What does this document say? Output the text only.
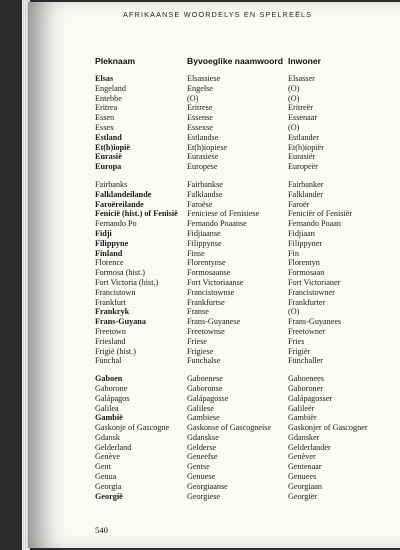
AFRIKAANSE WOORDELYS EN SPELREËLS
Pleknaam
Elsas
Engeland
Entebbe
Eritrea
Essen
Essex
Estland
Et(h)iopië
Eurasië
Europa
Fairbanks
Falklandeilande
Faroëreilande
Fenicië (hist.) of Fenisië
Fernando Po
Fidji
Filippyne
Finland
Florence
Formosa (hist.)
Fort Victoria (hist.)
Francistown
Frankfurt
Frankryk
Frans-Guyana
Freetown
Friesland
Frigië (hist.)
Funchal
Gaboen
Gaborone
Galápagos
Galilea
Gambië
Gaskonje of Gascogne
Gdansk
Gelderland
Genève
Gent
Genua
Georgia
Georgië
Byvoeglike naamwoord
Elsassiese
Engelse
(O)
Eritrese
Essense
Essexse
Estlandse
Et(h)iopiese
Eurasiese
Europese
Fairbankse
Falklandse
Faroëse
Feniciese of Fenisiese
Fernando Poaanse
Fidjiaanse
Filippynse
Finse
Florentynse
Formosaanse
Fort Victoriaanse
Francistownse
Frankfurtse
Franse
Frans-Guyanese
Freetownse
Friese
Frigiese
Funchalse
Gaboenese
Gaboronse
Galápagosse
Galilese
Gambiese
Gaskonse of Gascogneise
Gdanskse
Gelderse
Geneefse
Gentse
Genuese
Georgiaanse
Georgiese
Inwoner
Elsasser
(O)
(O)
Eritreër
Essenaar
(O)
Estlander
Et(h)iopiër
Eurasiër
Europeër
Fairbanker
Falklander
Faroër
Feniciër of Fenisiër
Fernando Poaan
Fidjiaan
Filippyner
Fin
Florentyn
Formosaan
Fort Victorianer
Francistowner
Frankfurter
(O)
Frans-Guyanees
Freetowner
Fries
Frigiër
Funchaller
Gaboenees
Gaboroner
Galápagosser
Galileër
Gambiër
Gaskonjer of Gascogner
Gdansker
Gelderlander
Genèver
Gentenaar
Genuees
Georgiaan
Georgiër
540
